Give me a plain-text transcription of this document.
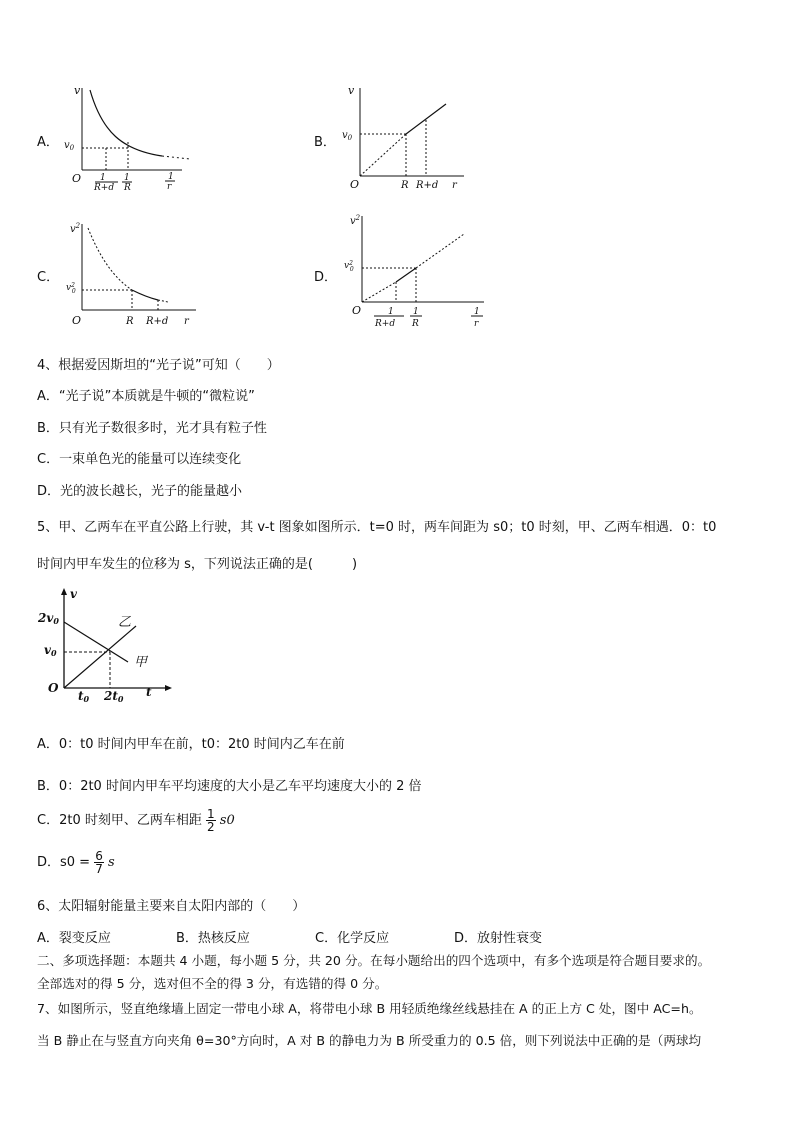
A．
v
$v_0$
O 1
R+d
1
R
1
r
B．
v
$v_0$
O	R R+d r
C．
$v^2$
$v^2$ 0
O	R R+d r
D．
$v^2$
$v^2$ 0
O	1
R+d
1
R
1
r
4、根据爱因斯坦的“光子说”可知（　　）
A．“光子说”本质就是牛顿的“微粒说”
B．只有光子数很多时，光才具有粒子性
C．一束单色光的能量可以连续变化
D．光的波长越长，光子的能量越小
5、甲、乙两车在平直公路上行驶，其 v-t 图象如图所示．t=0 时，两车间距为 s0；t0 时刻，甲、乙两车相遇．0：t0
时间内甲车发生的位移为 s，下列说法正确的是(　　　)
v
2v0
v0
O
t0 2t0 t
乙
甲
A．0：t0 时间内甲车在前，t0：2t0 时间内乙车在前
B．0：2t0 时间内甲车平均速度的大小是乙车平均速度大小的 2 倍
C．2t0 时刻甲、乙两车相距 $\frac{1}{2} s0$
D．$s0 = \frac{6}{7}$ s
6、太阳辐射能量主要来自太阳内部的（　　）
A．裂变反应	B．热核反应	C．化学反应	D．放射性衰变
二、多项选择题：本题共 4 小题，每小题 5 分，共 20 分。在每小题给出的四个选项中，有多个选项是符合题目要求的。
全部选对的得 5 分，选对但不全的得 3 分，有选错的得 0 分。
7、如图所示，竖直绝缘墙上固定一带电小球 A，将带电小球 B 用轻质绝缘丝线悬挂在 A 的正上方 C 处，图中 AC=h。
当 B 静止在与竖直方向夹角 θ=30°方向时，A 对 B 的静电力为 B 所受重力的 0.5 倍，则下列说法中正确的是（两球均
